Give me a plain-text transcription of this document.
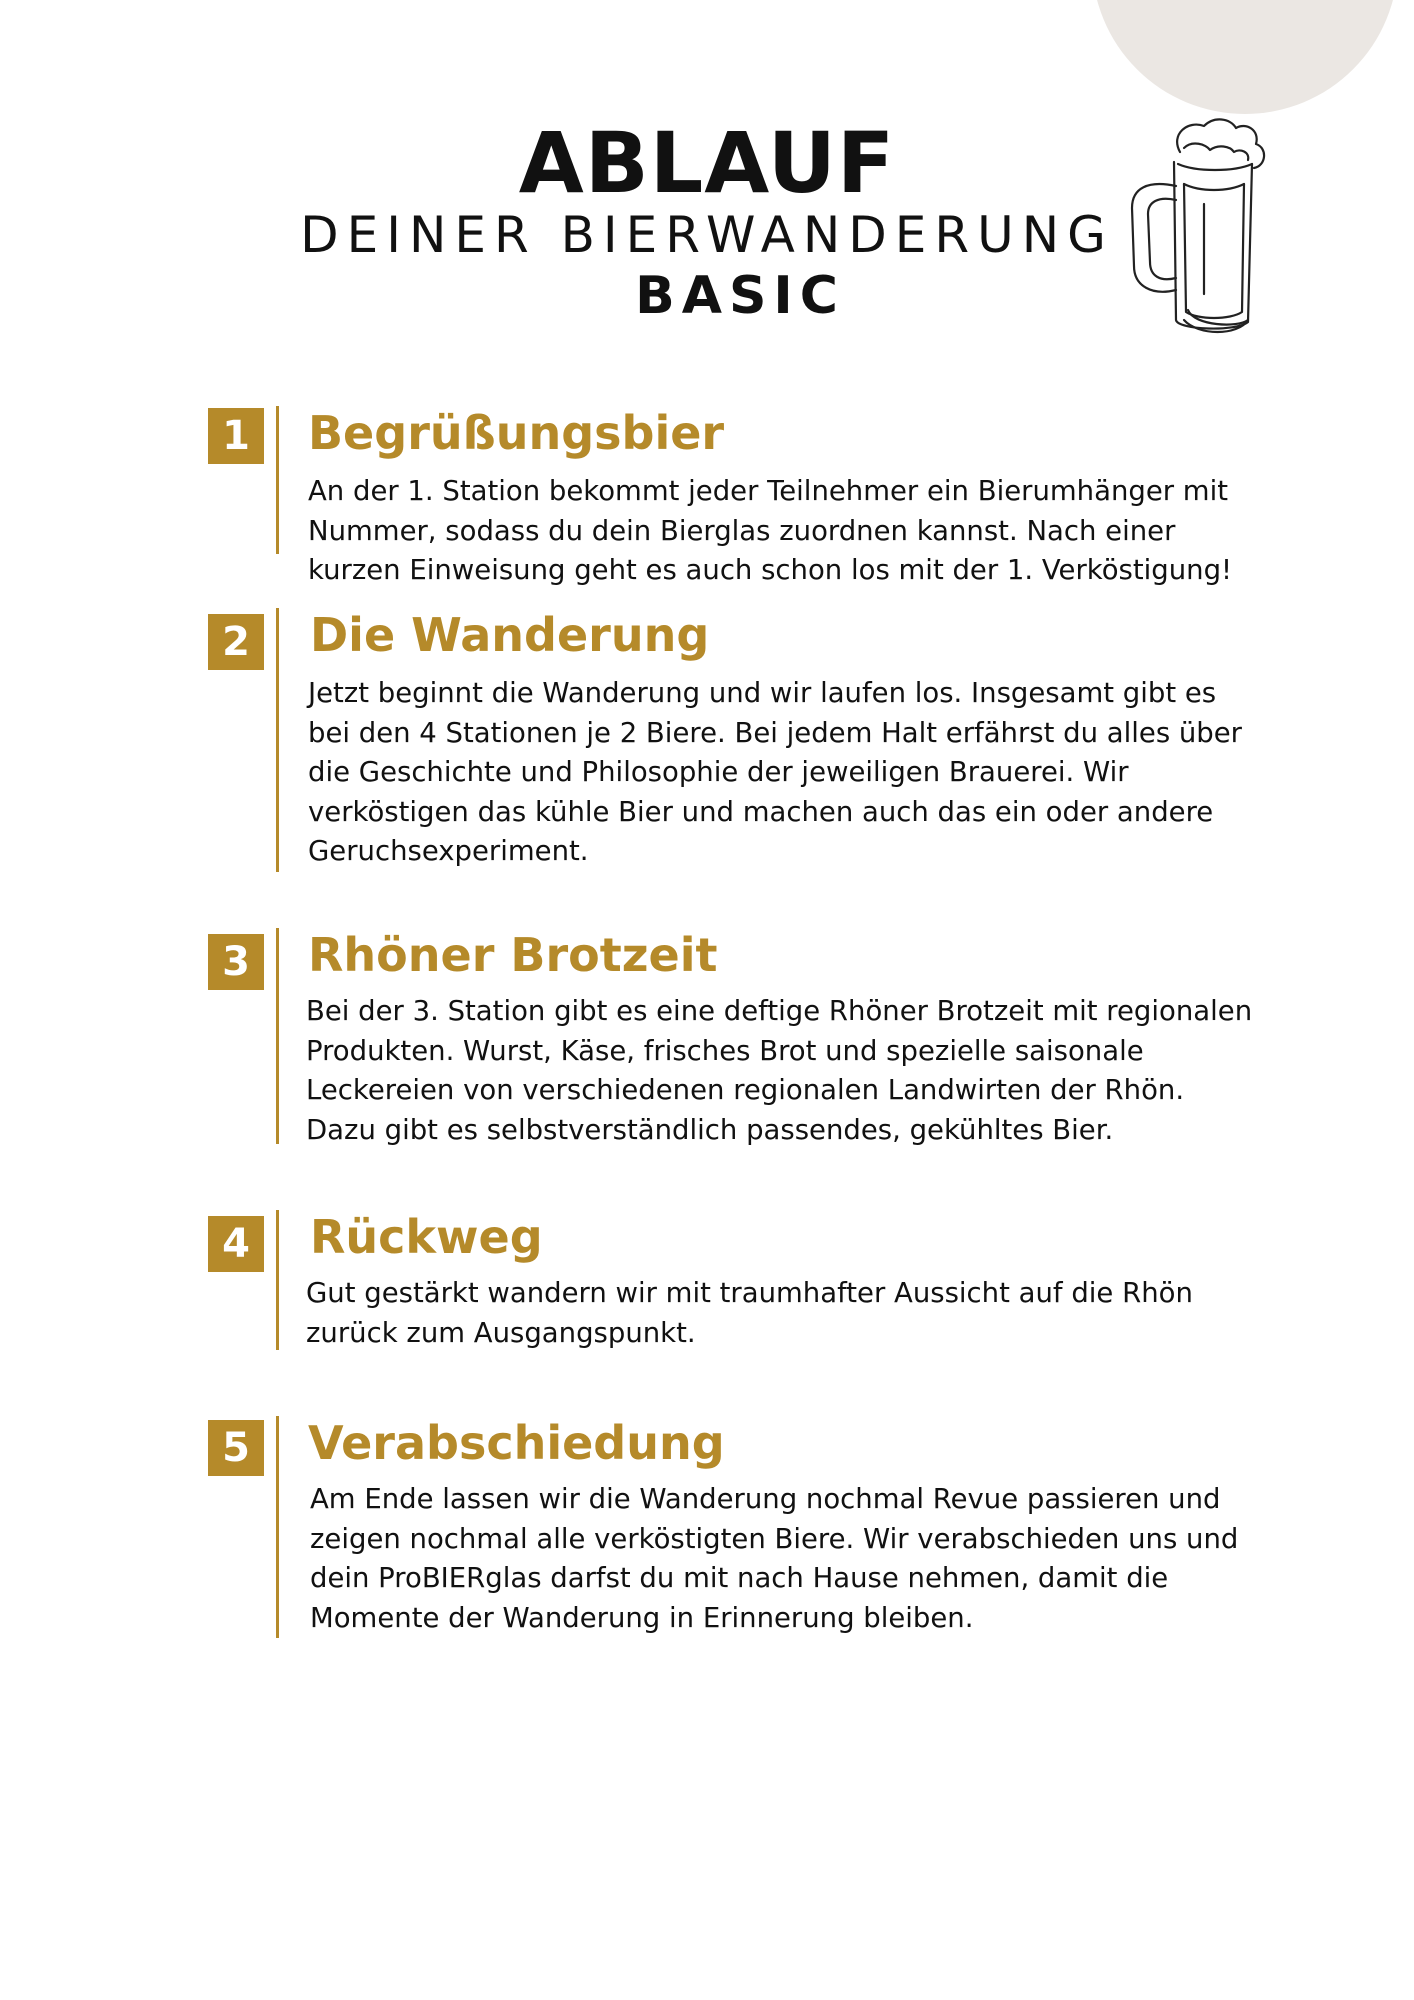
ABLAUF
DEINER BIERWANDERUNG
BASIC
1	Begrüßungsbier

An der 1. Station bekommt jeder Teilnehmer ein Bierumhänger mit
Nummer, sodass du dein Bierglas zuordnen kannst. Nach einer
kurzen Einweisung geht es auch schon los mit der 1. Verköstigung!

2	Die Wanderung

Jetzt beginnt die Wanderung und wir laufen los. Insgesamt gibt es
bei den 4 Stationen je 2 Biere. Bei jedem Halt erfährst du alles über
die Geschichte und Philosophie der jeweiligen Brauerei. Wir
verköstigen das kühle Bier und machen auch das ein oder andere
Geruchsexperiment.

3	Rhöner Brotzeit

Bei der 3. Station gibt es eine deftige Rhöner Brotzeit mit regionalen
Produkten. Wurst, Käse, frisches Brot und spezielle saisonale
Leckereien von verschiedenen regionalen Landwirten der Rhön.
Dazu gibt es selbstverständlich passendes, gekühltes Bier.

4	Rückweg

Gut gestärkt wandern wir mit traumhafter Aussicht auf die Rhön
zurück zum Ausgangspunkt.

5	Verabschiedung

Am Ende lassen wir die Wanderung nochmal Revue passieren und
zeigen nochmal alle verköstigten Biere. Wir verabschieden uns und
dein ProBIERglas darfst du mit nach Hause nehmen, damit die
Momente der Wanderung in Erinnerung bleiben.
